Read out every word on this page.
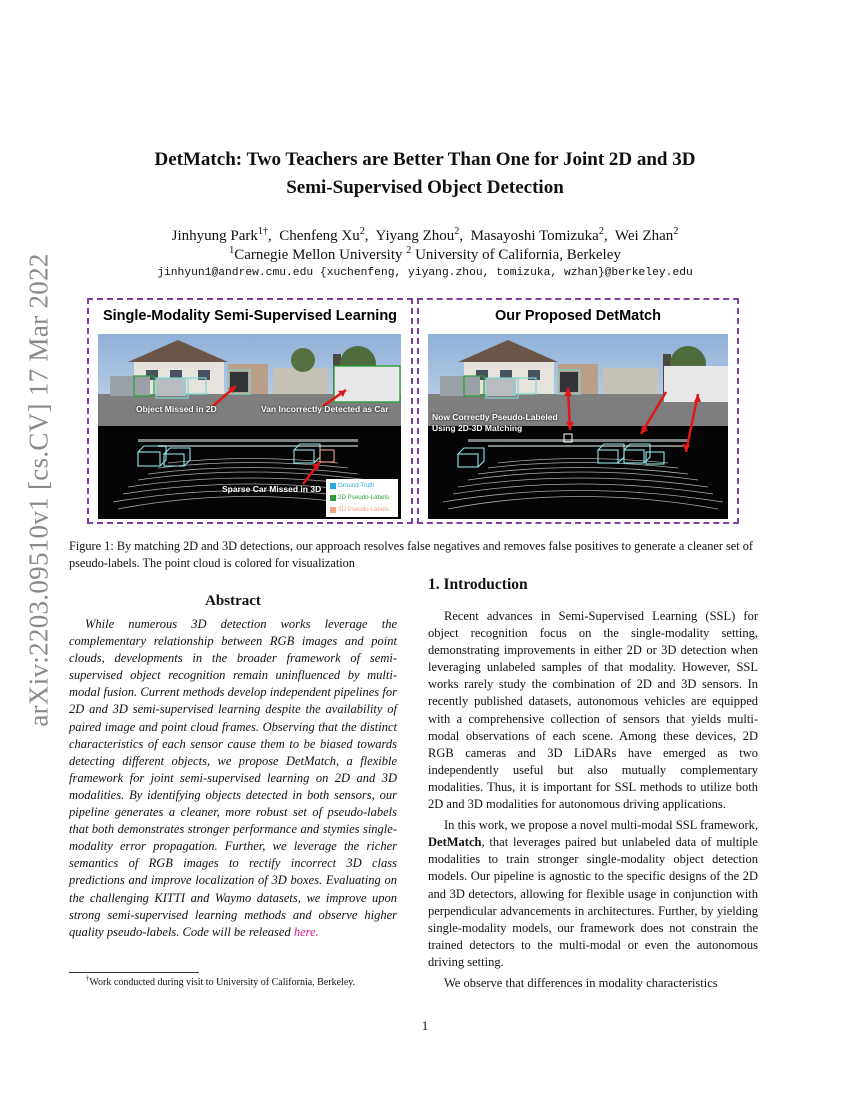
arXiv:2203.09510v1 [cs.CV] 17 Mar 2022
DetMatch: Two Teachers are Better Than One for Joint 2D and 3D
Semi-Supervised Object Detection
Jinhyung Park$^{1\dagger}$,  Chenfeng Xu$^2$,  Yiyang Zhou$^2$,  Masayoshi Tomizuka$^2$,  Wei Zhan$^2$
$^1$Carnegie Mellon University $^2$ University of California, Berkeley
jinhyun1@andrew.cmu.edu {xuchenfeng, yiyang.zhou, tomizuka, wzhan}@berkeley.edu
Single-Modality Semi-Supervised Learning
Object Missed in 2D	Van Incorrectly Detected as Car
Sparse Car Missed in 3D	Ground Truth
2D Pseudo-Labels
3D Pseudo-Labels
Our Proposed DetMatch
Now Correctly Pseudo-Labeled
Using 2D-3D Matching
Figure 1: By matching 2D and 3D detections, our approach resolves false negatives and removes false positives to generate a cleaner set of pseudo-labels. The point cloud is colored for visualization
Abstract

While numerous 3D detection works leverage the complementary relationship between RGB images and point clouds, developments in the broader framework of semi-supervised object recognition remain uninfluenced by multi-modal fusion. Current methods develop independent pipelines for 2D and 3D semi-supervised learning despite the availability of paired image and point cloud frames. Observing that the distinct characteristics of each sensor cause them to be biased towards detecting different objects, we propose DetMatch, a flexible framework for joint semi-supervised learning on 2D and 3D modalities. By identifying objects detected in both sensors, our pipeline generates a cleaner, more robust set of pseudo-labels that both demonstrates stronger performance and stymies single-modality error propagation. Further, we leverage the richer semantics of RGB images to rectify incorrect 3D class predictions and improve localization of 3D boxes. Evaluating on the challenging KITTI and Waymo datasets, we improve upon strong semi-supervised learning methods and observe higher quality pseudo-labels. Code will be released here.

1. Introduction

Recent advances in Semi-Supervised Learning (SSL) for object recognition focus on the single-modality setting, demonstrating improvements in either 2D or 3D detection when leveraging unlabeled samples of that modality. However, SSL works rarely study the combination of 2D and 3D sensors. In recently published datasets, autonomous vehicles are equipped with a comprehensive collection of sensors that yields multi-modal observations of each scene. Among these devices, 2D RGB cameras and 3D LiDARs have emerged as two independently useful but also mutually complementary modalities. Thus, it is important for SSL methods to utilize both 2D and 3D modalities for autonomous driving applications.

In this work, we propose a novel multi-modal SSL framework, DetMatch, that leverages paired but unlabeled data of multiple modalities to train stronger single-modality object detection models. Our pipeline is agnostic to the specific designs of the 2D and 3D detectors, allowing for flexible usage in conjunction with perpendicular advancements in architectures. Further, by yielding single-modality models, our framework does not constrain the trained detectors to the multi-modal or even the autonomous driving setting.

We observe that differences in modality characteristics

†Work conducted during visit to University of California, Berkeley.
1
